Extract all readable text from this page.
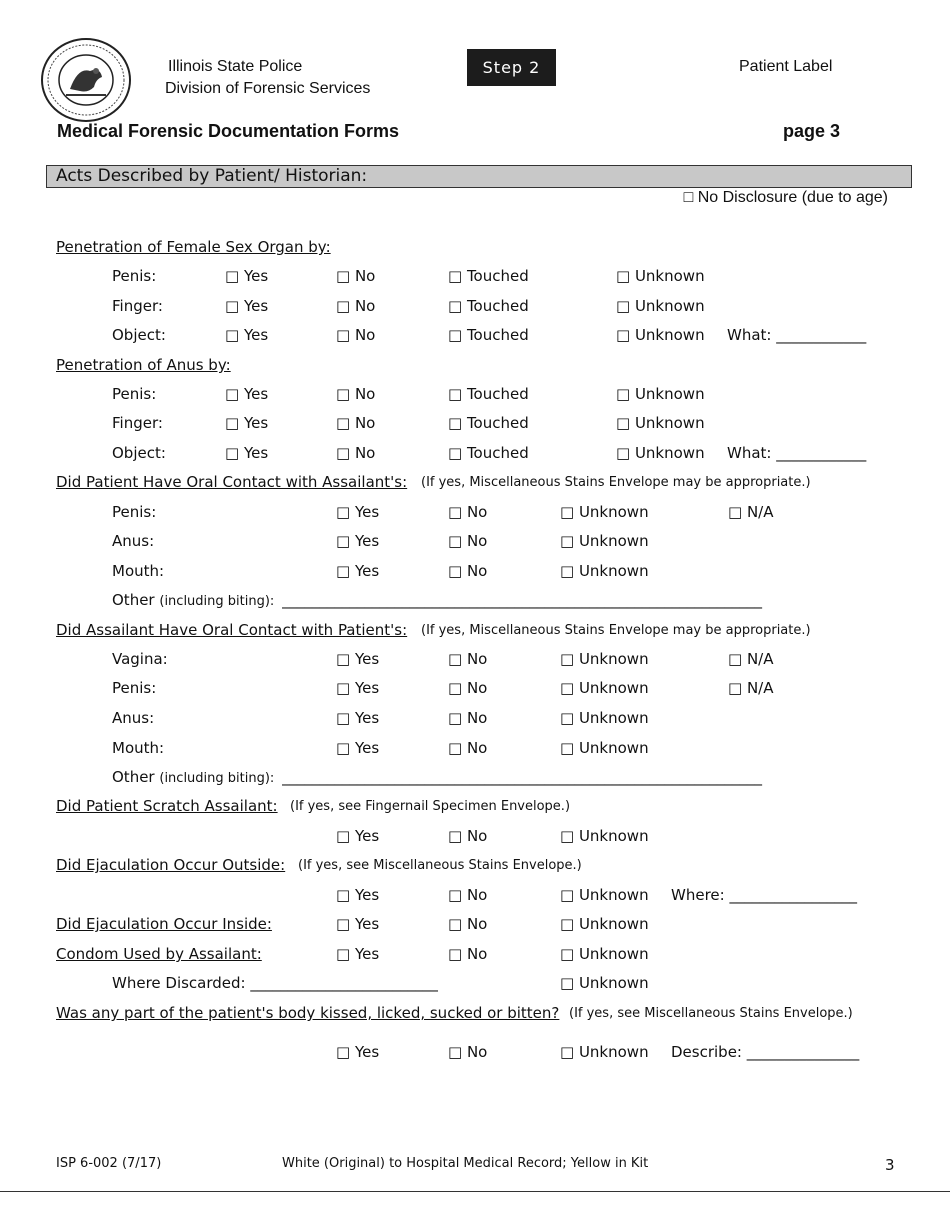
Illinois State Police
Division of Forensic Services
Step 2	Patient Label
Medical Forensic Documentation Forms	page 3
Acts Described by Patient/ Historian:
□ No Disclosure (due to age)
Penetration of Female Sex Organ by:
Penis:	□ Yes	□ No	□ Touched	□ Unknown
Finger:	□ Yes	□ No	□ Touched	□ Unknown
Object:	□ Yes	□ No	□ Touched	□ Unknown What: ____________
Penetration of Anus by:
Penis:	□ Yes	□ No	□ Touched	□ Unknown
Finger:	□ Yes	□ No	□ Touched	□ Unknown
Object:	□ Yes	□ No	□ Touched	□ Unknown What: ____________
Did Patient Have Oral Contact with Assailant's: (If yes, Miscellaneous Stains Envelope may be appropriate.)
Penis:	□ Yes	□ No	□ Unknown	□ N/A
Anus:	□ Yes	□ No	□ Unknown
Mouth:	□ Yes	□ No	□ Unknown
Other (including biting): ________________________________________________________________
Did Assailant Have Oral Contact with Patient's: (If yes, Miscellaneous Stains Envelope may be appropriate.)
Vagina:	□ Yes	□ No	□ Unknown	□ N/A
Penis:	□ Yes	□ No	□ Unknown	□ N/A
Anus:	□ Yes	□ No	□ Unknown
Mouth:	□ Yes	□ No	□ Unknown
Other (including biting): ________________________________________________________________
Did Patient Scratch Assailant: (If yes, see Fingernail Specimen Envelope.)
□ Yes	□ No	□ Unknown
Did Ejaculation Occur Outside: (If yes, see Miscellaneous Stains Envelope.)
□ Yes	□ No	□ Unknown Where: _________________
Did Ejaculation Occur Inside:	□ Yes	□ No	□ Unknown
Condom Used by Assailant:	□ Yes	□ No	□ Unknown
Where Discarded: _________________________	□ Unknown
Was any part of the patient's body kissed, licked, sucked or bitten? (If yes, see Miscellaneous Stains Envelope.)
□ Yes	□ No	□ Unknown Describe: _______________
ISP 6-002 (7/17)	White (Original) to Hospital Medical Record; Yellow in Kit	3
